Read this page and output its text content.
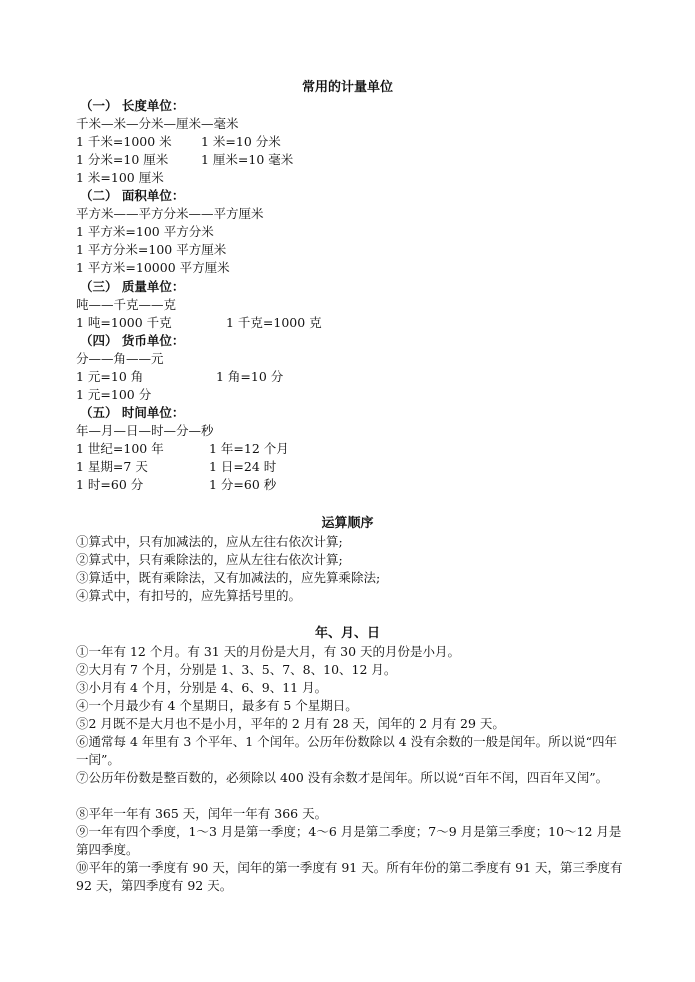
常用的计量单位
（一） 长度单位：
千米—米—分米—厘米—毫米
1 千米=1000 米 1 米=10 分米
1 分米=10 厘米	1 厘米=10 毫米
1 米=100 厘米
（二） 面积单位：
平方米——平方分米——平方厘米
1 平方米=100 平方分米
1 平方分米=100 平方厘米
1 平方米=10000 平方厘米
（三） 质量单位：
吨——千克——克
1 吨=1000 千克	1 千克=1000 克
（四） 货币单位：
分——角——元
1 元=10 角	1 角=10 分
1 元=100 分
（五） 时间单位：
年—月—日—时—分—秒
1 世纪=100 年	1 年=12 个月
1 星期=7 天	1 日=24 时
1 时=60 分	1 分=60 秒
运算顺序
①算式中，只有加减法的，应从左往右依次计算;
②算式中，只有乘除法的，应从左往右依次计算;
③算适中，既有乘除法，又有加减法的，应先算乘除法;
④算式中，有扣号的，应先算括号里的。
年、月、日
①一年有 12 个月。有 31 天的月份是大月，有 30 天的月份是小月。
②大月有 7 个月，分别是 1、3、5、7、8、10、12 月。
③小月有 4 个月，分别是 4、6、9、11 月。
④一个月最少有 4 个星期日，最多有 5 个星期日。
⑤2 月既不是大月也不是小月，平年的 2 月有 28 天，闰年的 2 月有 29 天。
⑥通常每 4 年里有 3 个平年、1 个闰年。公历年份数除以 4 没有余数的一般是闰年。所以说“四年一闰”。
⑦公历年份数是整百数的，必须除以 400 没有余数才是闰年。所以说“百年不闰，四百年又闰”。
⑧平年一年有 365 天，闰年一年有 366 天。
⑨一年有四个季度，1～3 月是第一季度；4～6 月是第二季度；7～9 月是第三季度；10～12 月是第四季度。
⑩平年的第一季度有 90 天，闰年的第一季度有 91 天。所有年份的第二季度有 91 天，第三季度有 92 天，第四季度有 92 天。
